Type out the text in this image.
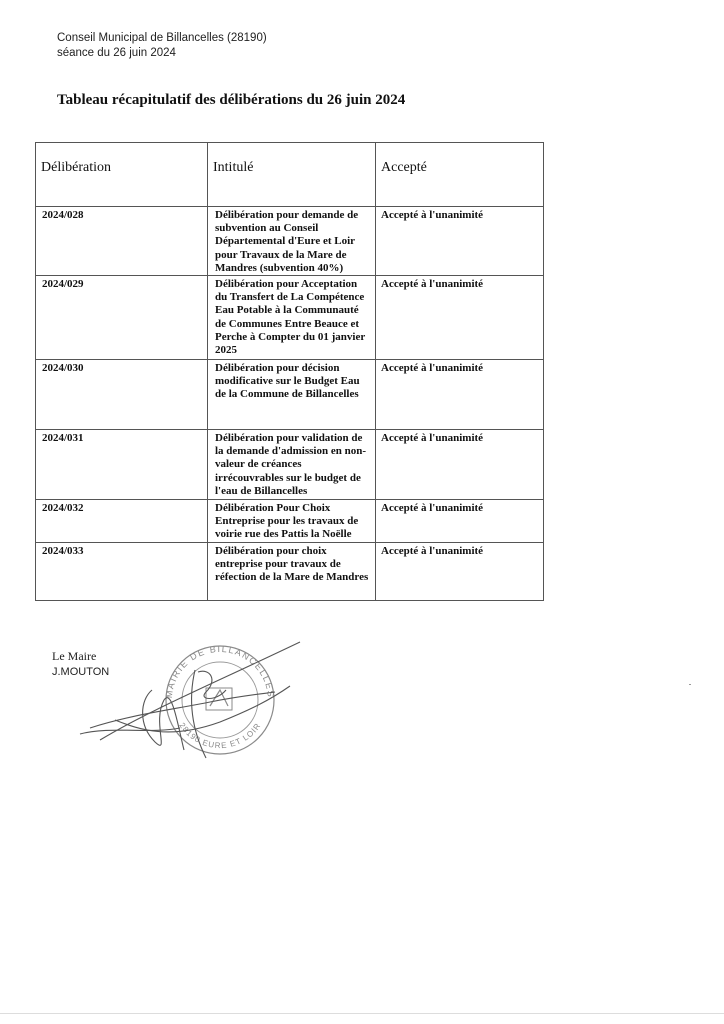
Conseil Municipal de Billancelles (28190)
séance du 26 juin 2024
Tableau récapitulatif des délibérations du 26 juin 2024
Délibération	Intitulé	Accepté
2024/028	Délibération pour demande de subvention au Conseil Départemental d'Eure et Loir pour Travaux de la Mare de Mandres (subvention 40%)	Accepté à l'unanimité
2024/029	Délibération pour Acceptation du Transfert de La Compétence Eau Potable à la Communauté de Communes Entre Beauce et Perche à Compter du 01 janvier 2025	Accepté à l'unanimité
2024/030	Délibération pour décision modificative sur le Budget Eau de la Commune de Billancelles	Accepté à l'unanimité
2024/031	Délibération pour validation de la demande d'admission en non- valeur de créances irrécouvrables sur le budget de l'eau de Billancelles	Accepté à l'unanimité
2024/032	Délibération Pour Choix Entreprise pour les travaux de voirie rue des Pattis la Noëlle	Accepté à l'unanimité
2024/033	Délibération pour choix entreprise pour travaux de réfection de la Mare de Mandres	Accepté à l'unanimité
MAIRIE DE BILLANCELLES
28190 EURE ET LOIR
Le Maire
J.MOUTON
